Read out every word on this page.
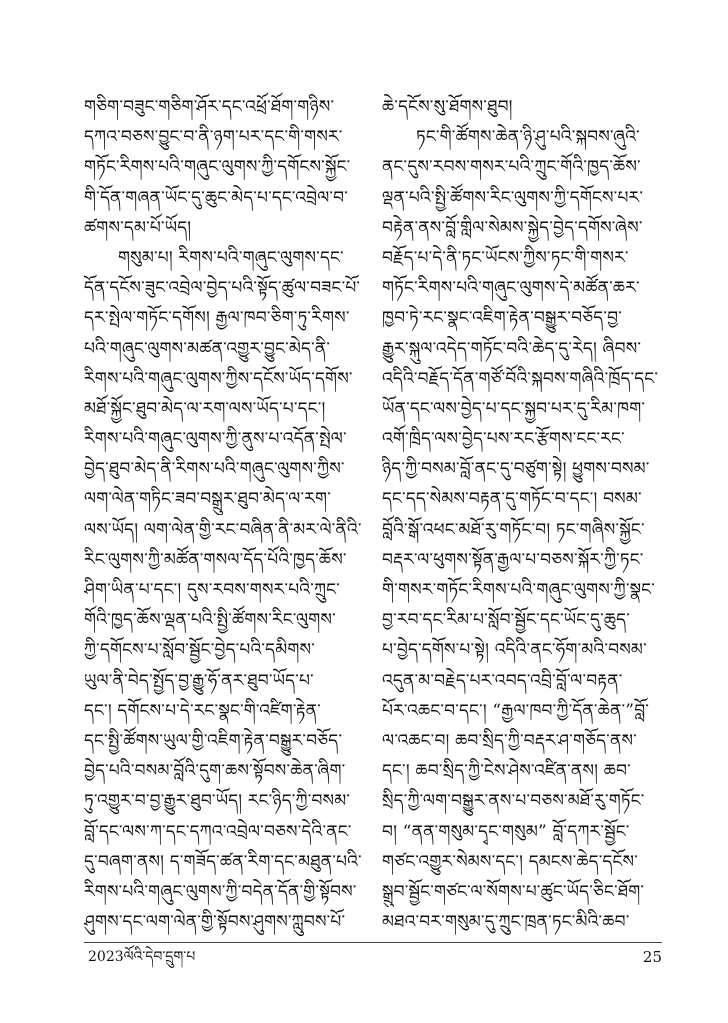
གཅིག་བཟུང་གཅིག་ཤོར་དང་འཕྲོ་ཐོག་གཉིས་
དཀའ་བཅས་བྱུང་བ་ནི་ཉག་པར་དང་གི་གསར་
གཏོང་རིགས་པའི་གཞུང་ལུགས་ཀྱི་དགོངས་སྐྱོང་
གི་དོན་གཞན་ཡོང་དུ་ཆུང་མེད་པ་དང་འབྲེལ་བ་
ཚགས་དམ་པོ་ཡོད།
གསུམ་པ། རིགས་པའི་གཞུང་ལུགས་དང་
དོན་དངོས་ཟུང་འབྲེལ་བྱེད་པའི་སྟོད་ཚུལ་བཟང་པོ་
དར་སྤེལ་གཏོང་དགོས། རྒྱལ་ཁབ་ཅིག་ཏུ་རིགས་
པའི་གཞུང་ལུགས་མཚན་འགྱུར་བྱུང་མེད་ནི་
རིགས་པའི་གཞུང་ལུགས་ཀྱིས་དངོས་ཡོད་དགོས་
མཐོ་སྐྱོང་ཐུབ་མེད་ལ་རག་ལས་ཡོད་པ་དང་།
རིགས་པའི་གཞུང་ལུགས་ཀྱི་ནུས་པ་འདོན་སྤེལ་
བྱེད་ཐུབ་མེད་ནི་རིགས་པའི་གཞུང་ལུགས་ཀྱིས་
ལག་ལེན་གཏིང་ཟབ་བསྒྲུར་ཐུབ་མེད་ལ་རག་
ལས་ཡོད། ལག་ལེན་གྱི་རང་བཞིན་ནི་མར་ལེ་ནིའི་
རིང་ལུགས་ཀྱི་མཚོན་གསལ་དོད་པོའི་ཁྱད་ཆོས་
ཤིག་ཡིན་པ་དང་། དུས་རབས་གསར་པའི་ཀྲུང་
གོའི་ཁྱད་ཆོས་ལྡན་པའི་སྤྱི་ཚོགས་རིང་ལུགས་
ཀྱི་དགོངས་པ་སློབ་སྦྱོང་བྱེད་པའི་དམིགས་
ཡུལ་ནི་བེད་སྤྱོད་བྱ་རྒྱུ་ཧོ་ནར་ཐུབ་ཡོད་པ་
དང་། དགོངས་པ་དེ་རང་སྣང་གི་འཛིག་རྟེན་
དང་སྤྱི་ཚོགས་ཡུལ་གྱི་འཇིག་རྟེན་བསྒྱུར་བཅོད་
བྱེད་པའི་བསམ་བློའི་དུག་ཆས་སྟོབས་ཆེན་ཞིག་
ཏུ་འགྱུར་བ་བྱ་རྒྱུར་ཐུབ་ཡོད། རང་ཉིད་ཀྱི་བསམ་
བློ་དང་ལས་ཀ་དང་དཀའ་འབྲེལ་བཅས་དེའི་ནང་
དུ་བཞག་ནས། ད་གཟོད་ཚན་རིག་དང་མཐུན་པའི་
རིགས་པའི་གཞུང་ལུགས་ཀྱི་བདེན་དོན་གྱི་སྟོབས་
ཤུགས་དང་ལག་ལེན་གྱི་སྟོབས་ཤུགས་ཀླུབས་པོ་
ཆེ་དངོས་སུ་ཐོགས་ཐུབ།
ཏང་གི་ཚོགས་ཆེན་ཉི་ཤུ་པའི་སྐབས་ཞུའི་
ནང་དུས་རབས་གསར་པའི་ཀྲུང་གོའི་ཁྱད་ཆོས་
ལྡན་པའི་སྤྱི་ཚོགས་རིང་ལུགས་ཀྱི་དགོངས་པར་
བརྟེན་ནས་བློ་གླིལ་སེམས་སྐྱེད་བྱེད་དགོས་ཞེས་
བརྗོད་པ་དེ་ནི་ཏང་ཡོངས་ཀྱིས་ཏང་གི་གསར་
གཏོང་རིགས་པའི་གཞུང་ལུགས་དེ་མཚོན་ཆར་
ཁྱབ་ཏེ་རང་སྣང་འཇིག་རྟེན་བསྒྱུར་བཅོད་བྱ་
རྒྱུར་སྐུལ་འདེད་གཏོང་བའི་ཆེད་དུ་རེད། ཞིབས་
འདིའི་བརྗོད་དོན་གཙོ་བོའི་སྐབས་གཞིའི་ཁྲོད་དང་
ཡོན་དང་ལས་བྱེད་པ་དང་སྐྱབ་པར་དུ་རིམ་ཁག་
འགོ་ཁྲིད་ལས་བྱེད་པས་རང་རྩོགས་ངང་རང་
ཉིད་ཀྱི་བསམ་བློ་ནང་དུ་བཙུག་སྟེ། ཕྱུགས་བསམ་
དང་དད་སེམས་བརྟན་དུ་གཏོང་བ་དང་། བསམ་
བློའི་སྒོ་འཕང་མཐོ་རུ་གཏོང་བ། ཏང་གཞིས་སྐྱོང་
བརྡར་ལ་ཕུགས་སྟོན་རྒྱལ་པ་བཅས་སྐོར་ཀྱི་ཏང་
གི་གསར་གཏོང་རིགས་པའི་གཞུང་ལུགས་ཀྱི་སྣང་
བྱ་རབ་དང་རིམ་པ་སློབ་སྦྱོང་དང་ཡོང་དུ་ཆུད་
པ་བྱེད་དགོས་པ་སྟེ། འདིའི་ནང་ཧོག་མའི་བསམ་
འདུན་མ་བརྗེད་པར་འབད་འབྲི་བློ་ལ་བརྟན་
པོར་འཆང་བ་དང་། “རྒྱལ་ཁབ་ཀྱི་དོན་ཆེན་”བློ་
ལ་འཆང་བ། ཆབ་སྲིད་ཀྱི་བརྡར་ཤ་གཅོད་ནས་
དང་། ཆབ་སྲིད་ཀྱི་ངེས་ཤེས་འཛིན་ནས། ཆབ་
སྲིད་ཀྱི་ལག་བསྒྱུར་ནས་པ་བཅས་མཐོ་རུ་གཏོང་
བ། “ནན་གསུམ་དྭང་གསུམ” བློ་དཀར་སྦྱོང་
གཙང་འགྱུར་སེམས་དང་། དམངས་ཆེད་དངོས་
སྒྲུབ་སྦྱོང་གཙང་ལ་སོགས་པ་ཚུང་ཡོད་ཅིང་ཐོག་
མཐའ་བར་གསུམ་དུ་ཀྲུང་ཁྲན་ཏང་མིའི་ཆབ་
2023ལོའི་དེབ་དྲུག་པ	25
